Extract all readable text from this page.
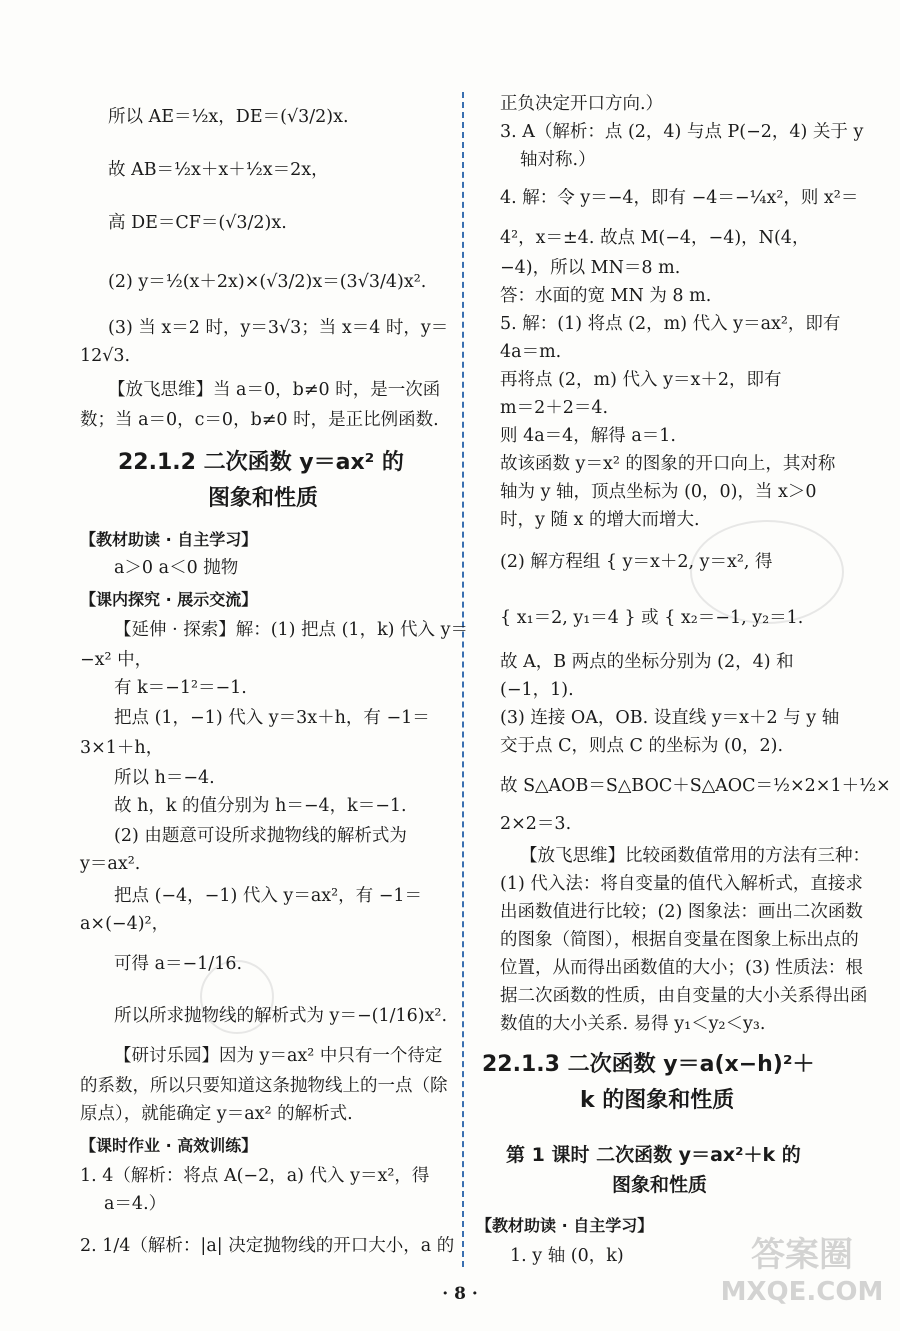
所以 AE＝½x，DE＝(√3/2)x.
故 AB＝½x＋x＋½x＝2x，
高 DE＝CF＝(√3/2)x.
(2) y＝½(x＋2x)×(√3/2)x＝(3√3/4)x².
(3) 当 x＝2 时，y＝3√3；当 x＝4 时，y＝
12√3.
【放飞思维】当 a＝0，b≠0 时，是一次函
数；当 a＝0，c＝0，b≠0 时，是正比例函数.
22.1.2 二次函数 y＝ax² 的
图象和性质
【教材助读 · 自主学习】
a＞0 a＜0 抛物
【课内探究 · 展示交流】
【延伸 · 探索】解：(1) 把点 (1，k) 代入 y＝
−x² 中，
有 k＝−1²＝−1.
把点 (1，−1) 代入 y＝3x＋h，有 −1＝
3×1＋h，
所以 h＝−4.
故 h，k 的值分别为 h＝−4，k＝−1.
(2) 由题意可设所求抛物线的解析式为
y＝ax².
把点 (−4，−1) 代入 y＝ax²，有 −1＝
a×(−4)²，
可得 a＝−1/16.
所以所求抛物线的解析式为 y＝−(1/16)x².
【研讨乐园】因为 y＝ax² 中只有一个待定
的系数，所以只要知道这条抛物线上的一点（除
原点），就能确定 y＝ax² 的解析式.
【课时作业 · 高效训练】
1. 4（解析：将点 A(−2，a) 代入 y＝x²，得
a＝4.）
2. 1/4（解析：|a| 决定抛物线的开口大小，a 的
正负决定开口方向.）
3. A（解析：点 (2，4) 与点 P(−2，4) 关于 y
轴对称.）
4. 解：令 y＝−4，即有 −4＝−¼x²，则 x²＝
4²，x＝±4. 故点 M(−4，−4)，N(4，
−4)，所以 MN＝8 m.
答：水面的宽 MN 为 8 m.
5. 解：(1) 将点 (2，m) 代入 y＝ax²，即有
4a＝m.
再将点 (2，m) 代入 y＝x＋2，即有
m＝2＋2＝4.
则 4a＝4，解得 a＝1.
故该函数 y＝x² 的图象的开口向上，其对称
轴为 y 轴，顶点坐标为 (0，0)，当 x＞0
时，y 随 x 的增大而增大.
(2) 解方程组 { y＝x＋2, y＝x², 得
{ x₁＝2, y₁＝4 } 或 { x₂＝−1, y₂＝1.
故 A，B 两点的坐标分别为 (2，4) 和
(−1，1).
(3) 连接 OA，OB. 设直线 y＝x＋2 与 y 轴
交于点 C，则点 C 的坐标为 (0，2).
故 S△AOB＝S△BOC＋S△AOC＝½×2×1＋½×
2×2＝3.
【放飞思维】比较函数值常用的方法有三种：
(1) 代入法：将自变量的值代入解析式，直接求
出函数值进行比较；(2) 图象法：画出二次函数
的图象（简图），根据自变量在图象上标出点的
位置，从而得出函数值的大小；(3) 性质法：根
据二次函数的性质，由自变量的大小关系得出函
数值的大小关系. 易得 y₁＜y₂＜y₃.
22.1.3 二次函数 y＝a(x−h)²＋
k 的图象和性质
第 1 课时 二次函数 y＝ax²＋k 的
图象和性质
【教材助读 · 自主学习】
1. y 轴 (0，k)
· 8 ·
答案圈
MXQE.COM
